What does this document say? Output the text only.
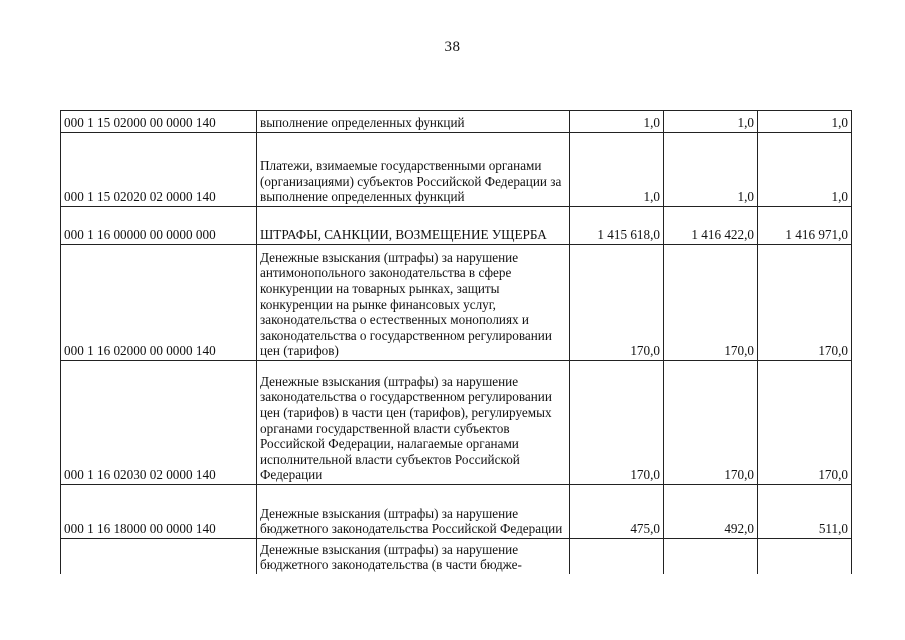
38
000 1 15 02000 00 0000 140	выполнение определенных функций	1,0	1,0	1,0
000 1 15 02020 02 0000 140	Платежи, взимаемые государственными органами (организациями) субъектов Российской Федерации за выполнение определенных функций	1,0	1,0	1,0
000 1 16 00000 00 0000 000	ШТРАФЫ, САНКЦИИ, ВОЗМЕЩЕНИЕ УЩЕРБА	1 415 618,0	1 416 422,0	1 416 971,0
000 1 16 02000 00 0000 140	Денежные взыскания (штрафы) за нарушение антимонопольного законодательства в сфере конкуренции на товарных рынках, защиты конкуренции на рынке финансовых услуг, законодательства о естественных монополиях и законодательства о государственном регулировании цен (тарифов)	170,0	170,0	170,0
000 1 16 02030 02 0000 140	Денежные взыскания (штрафы) за нарушение законодательства о государственном регулировании цен (тарифов) в части цен (тарифов), регулируемых органами государственной власти субъектов Российской Федерации, налагаемые органами исполнительной власти субъектов Российской Федерации	170,0	170,0	170,0
000 1 16 18000 00 0000 140	Денежные взыскания (штрафы) за нарушение бюджетного законодательства Российской Федерации	475,0	492,0	511,0
	Денежные взыскания (штрафы) за нарушение бюджетного законодательства (в части бюдже-			
